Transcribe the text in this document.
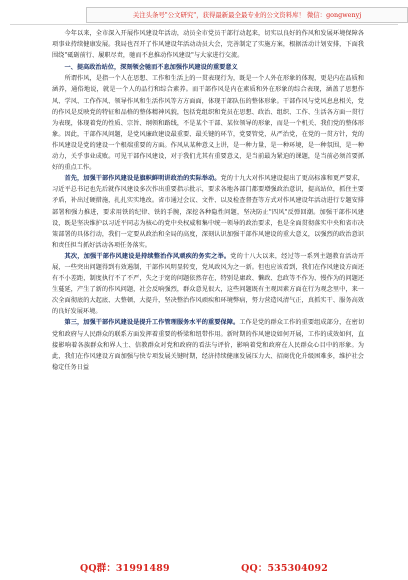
关注头条号"公文研究"，获得最新最全最专业的公文资料库！ 微信：gongwenyj

今年以来，全市深入开展作风建设年活动，动员全市党员干部行动起来，切实以良好的作风和发展环境保障各项事业持续健康发展。我局也召开了作风建设年活动动员大会，完善制定了实施方案，根据活动计划安排，下面我围绕"砥砺前行、履职尽责，驰而不息推动作风建设"与大家进行交流。

一、提高政治站位，深刻领会驰而不息加强作风建设的重要意义

所谓作风，是指一个人在思想、工作和生活上的一贯表现行为，既是一个人外在形象的体现，更是内在品质和涵养，通俗地说，就是一个人的品行和综合素养。而干部作风是内在素质和外在形象的综合表现，涵盖了思想作风、学风、工作作风、领导作风和生活作风等方方面面，体现干部队伍的整体形象。干部作风与党风息息相关，党的作风是反映党的特征和品格的整体精神风貌，包括党组织和党员在思想、政治、组织、工作、生活各方面一贯行为表现，体现着党的性质、宗旨、纲领和路线，不是某个干部、某位领导的形象，而是一个机关、我们党的整体形象。因此，干部作风问题，是党风廉政建设最重要、最关键的环节，党要管党，从严治党，在党的一贯方针，党的作风建设是党的建设一个根端重要的方面。作风从某种意义上讲，是一种力量，是一种环境，是一种氛围，是一种动力，关乎事业成败。可见干部作风建设，对于我们尤其有重要意义，是当前最为紧迫的课题，是当前必须首要抓好的重点工作。

首先，加强干部作风建设是旗帜鲜明讲政治的实际举动。党的十九大对作风建设提出了更高标准和更严要求，习近平总书记也先后就作风建设多次作出重要指示批示，要求各地各部门都要增强政治意识，提高站位，抓住主要矛盾，补出过硬措施，扎扎实实地改。省市通过会议、文件、以及检查督查等方式对作风建设年活动进行专题安排部署和强力推进，要求用铁的纪律、铁的手腕，深挖各种隐性问题，坚决防止"四风"反弹回潮。加强干部作风建设，既是坚决维护以习近平同志为核心的党中央权威和集中统一领导的政治要求，也是全面贯彻落实中央和省市决策部署的具体行动，我们一定要从政治和全局的高度，深刻认识加强干部作风建设的重大意义，以强烈的政治意识和责任担当抓好活动各项任务落实。

其次，加强干部作风建设是持续整治作风顽疾的务实之举。党的十八大以来，经过等一系列主题教育活动开展，一些突出问题得到有效遏制，干部作风明显转变，党风政风为之一新。但也应该看到，我们在作风建设方面还有不小差距，制度执行不了不严，失之于宽的问题依然存在，特别是庸政、懒政、怠政等不作为、慢作为的问题还生蔓延，产生了新的作风问题，社会反响强烈，群众意见很大，这些问题既有主观因素方面在行为观念里中，来一次全面彻底的大起底、大整顿，大提升，坚决整治作风顽疾和环境弊病，努力营造风清气正，真抓实干、服务高效的良好发展环境。

第三，加强干部作风建设是提升工作管理服务水平的重要保障。工作是党的群众工作的重要组成部分，在密切党和政府与人民群众的联系方面发挥着重要的桥梁和纽带作用。新时期的作风建设如何开展，工作的成效如何，直接影响着各族群众和界人士、信教群众对党和政府的看法与评价，影响着党和政府在人民群众心目中的形象。为此，我们在作风建设方面加强与快专项发展关键时期，经济持续健康发展压力大、招商优化升级困难多，维护社会稳定任务日益

QQ群：31991489	QQ：535304092
